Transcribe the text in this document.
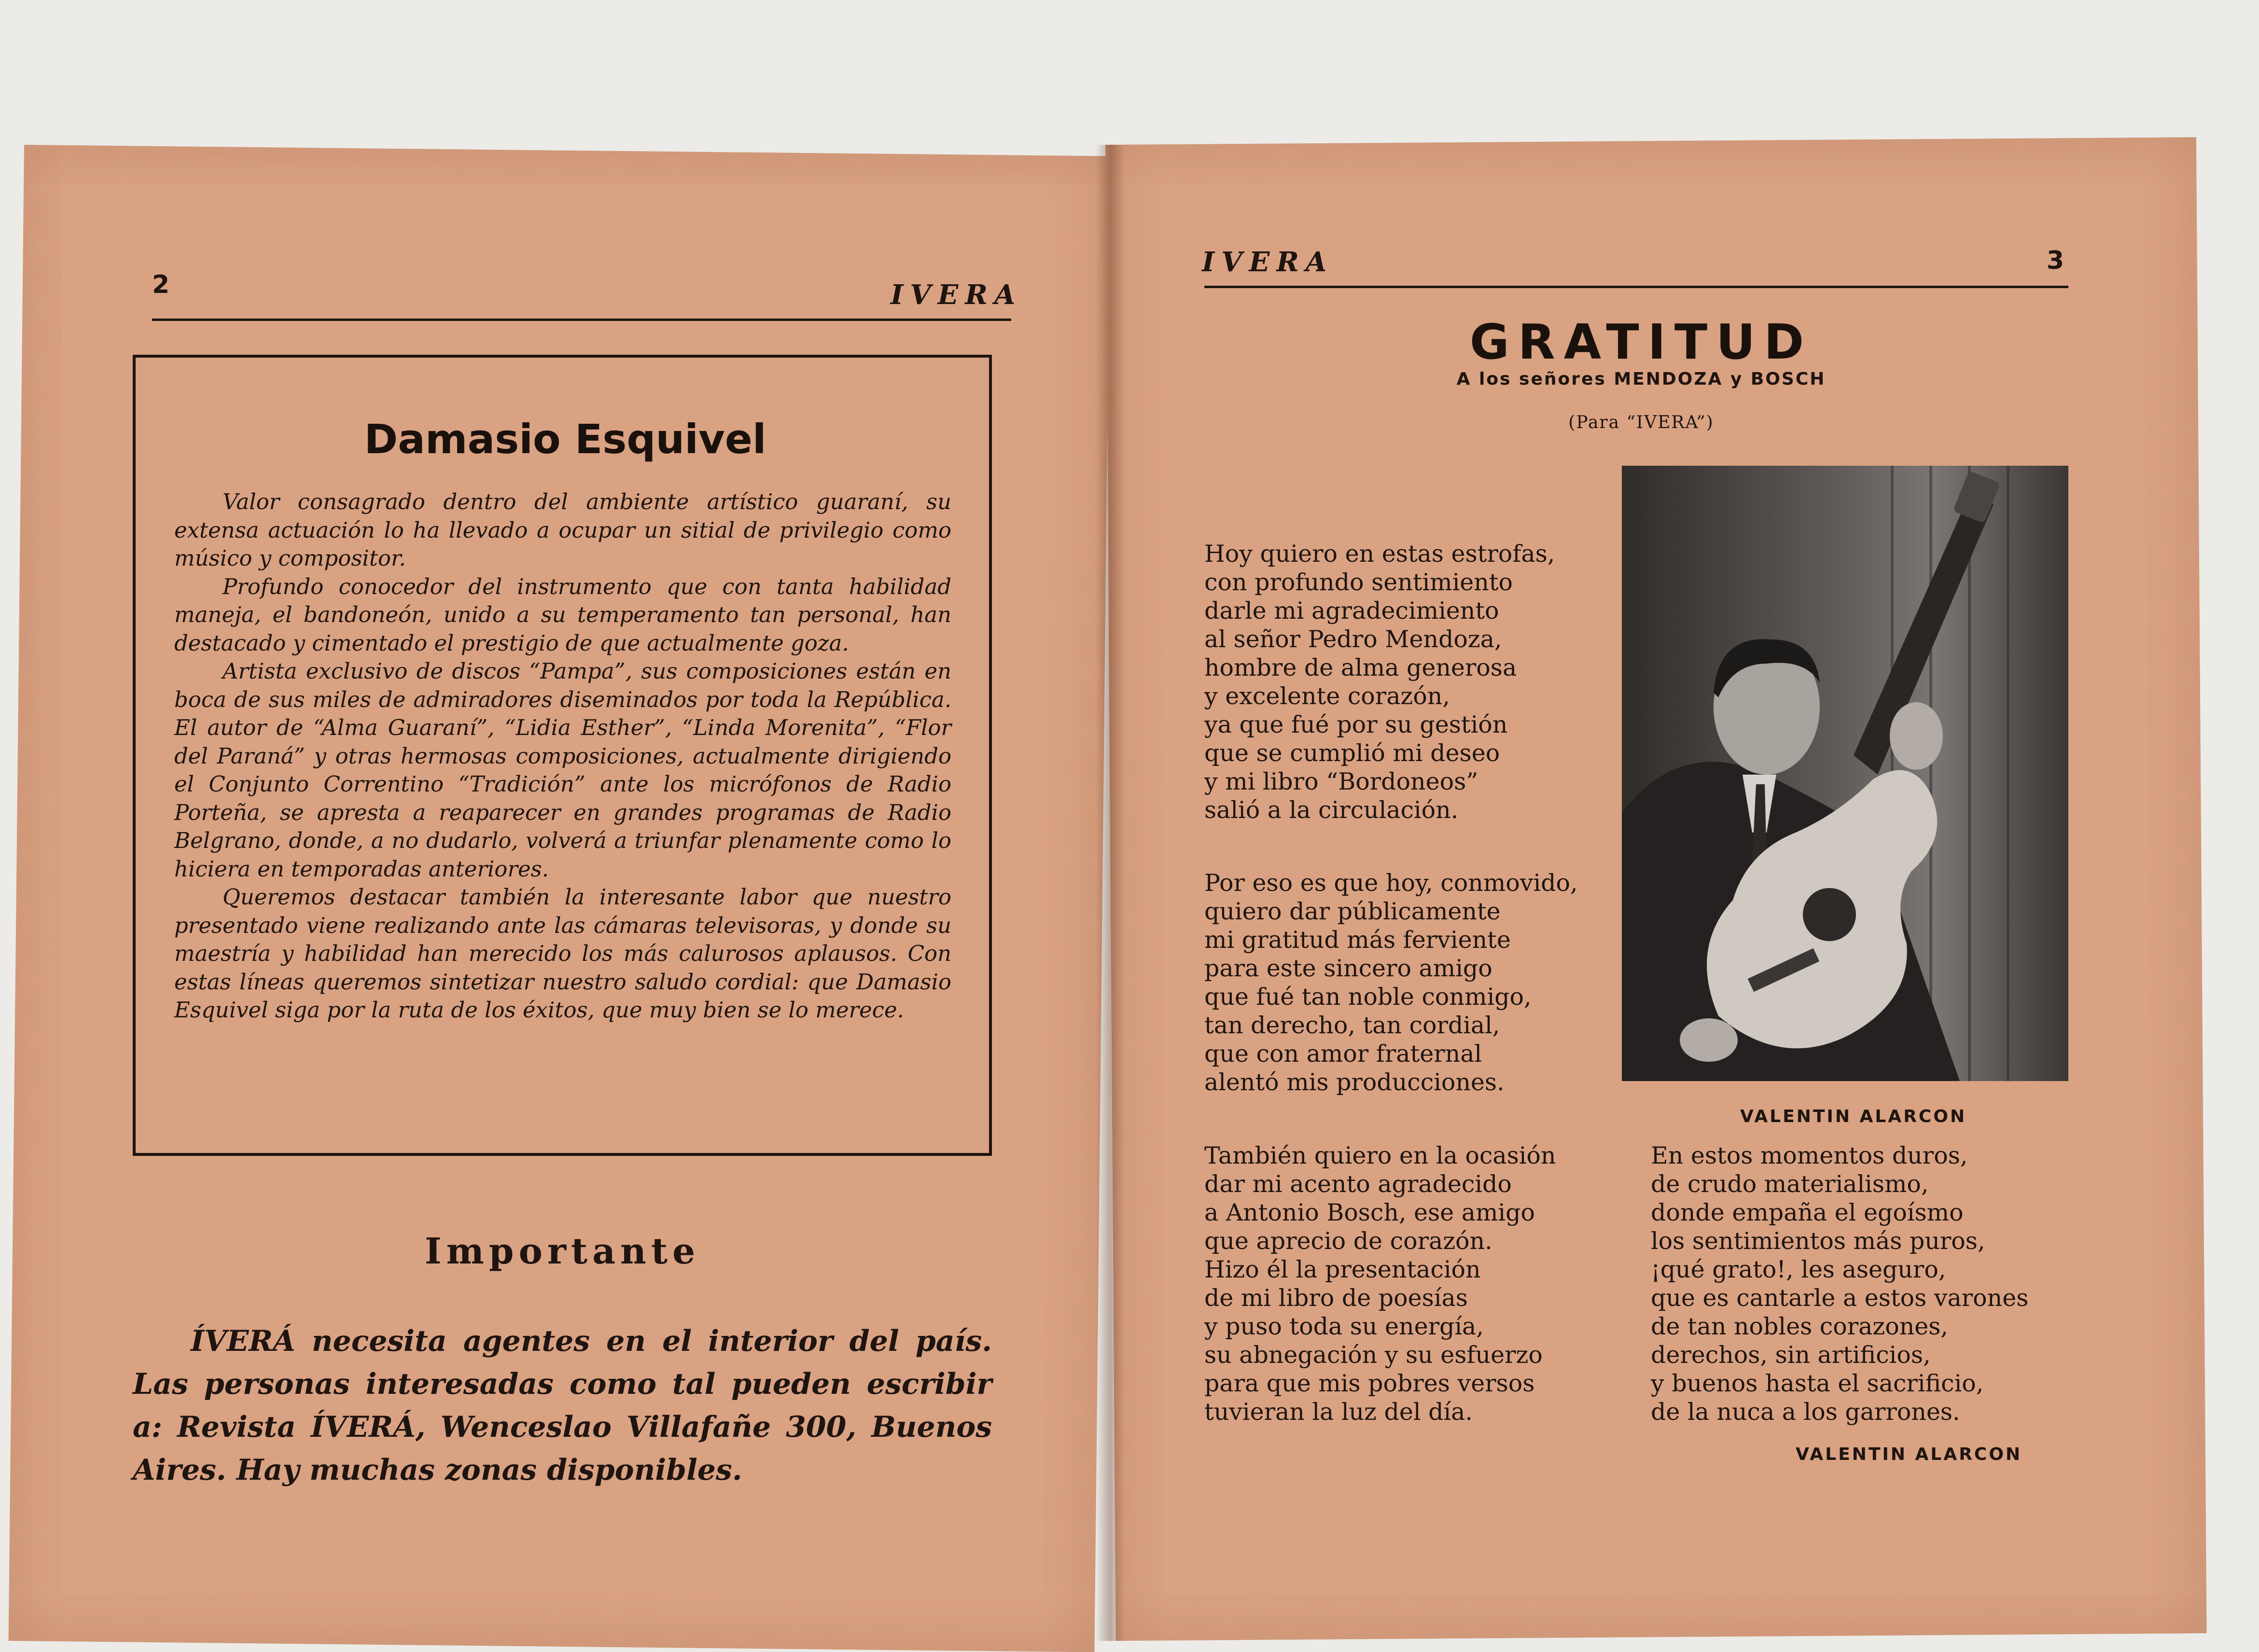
2	IVERA
Damasio Esquivel

Valor consagrado dentro del ambiente artístico guaraní, su extensa actuación lo ha llevado a ocupar un sitial de privilegio como músico y compositor.

Profundo conocedor del instrumento que con tanta habilidad maneja, el bandoneón, unido a su temperamento tan personal, han destacado y cimentado el prestigio de que actualmente goza.

Artista exclusivo de discos “Pampa”, sus composiciones están en boca de sus miles de admiradores diseminados por toda la República. El autor de “Alma Guaraní”, “Lidia Esther”, “Linda Morenita”, “Flor del Paraná” y otras hermosas composiciones, actualmente dirigiendo el Conjunto Correntino “Tradición” ante los micrófonos de Radio Porteña, se apresta a reaparecer en grandes programas de Radio Belgrano, donde, a no dudarlo, volverá a triunfar plenamente como lo hiciera en temporadas anteriores.

Queremos destacar también la interesante labor que nuestro presentado viene realizando ante las cámaras televisoras, y donde su maestría y habilidad han merecido los más calurosos aplausos. Con estas líneas queremos sintetizar nuestro saludo cordial: que Damasio Esquivel siga por la ruta de los éxitos, que muy bien se lo merece.

Importante

ÍVERÁ necesita agentes en el interior del país. Las personas interesadas como tal pueden escribir a: Revista ÍVERÁ, Wenceslao Villafañe 300, Buenos Aires. Hay muchas zonas disponibles.

IVERA	3
GRATITUD
A los señores MENDOZA y BOSCH
(Para “IVERA”)
VALENTIN ALARCON
Hoy quiero en estas estrofas,
con profundo sentimiento
darle mi agradecimiento
al señor Pedro Mendoza,
hombre de alma generosa
y excelente corazón,
ya que fué por su gestión
que se cumplió mi deseo
y mi libro “Bordoneos”
salió a la circulación.
Por eso es que hoy, conmovido,
quiero dar públicamente
mi gratitud más ferviente
para este sincero amigo
que fué tan noble conmigo,
tan derecho, tan cordial,
que con amor fraternal
alentó mis producciones.
También quiero en la ocasión
dar mi acento agradecido
a Antonio Bosch, ese amigo
que aprecio de corazón.
Hizo él la presentación
de mi libro de poesías
y puso toda su energía,
su abnegación y su esfuerzo
para que mis pobres versos
tuvieran la luz del día.
En estos momentos duros,
de crudo materialismo,
donde empaña el egoísmo
los sentimientos más puros,
¡qué grato!, les aseguro,
que es cantarle a estos varones
de tan nobles corazones,
derechos, sin artificios,
y buenos hasta el sacrificio,
de la nuca a los garrones.
VALENTIN ALARCON
